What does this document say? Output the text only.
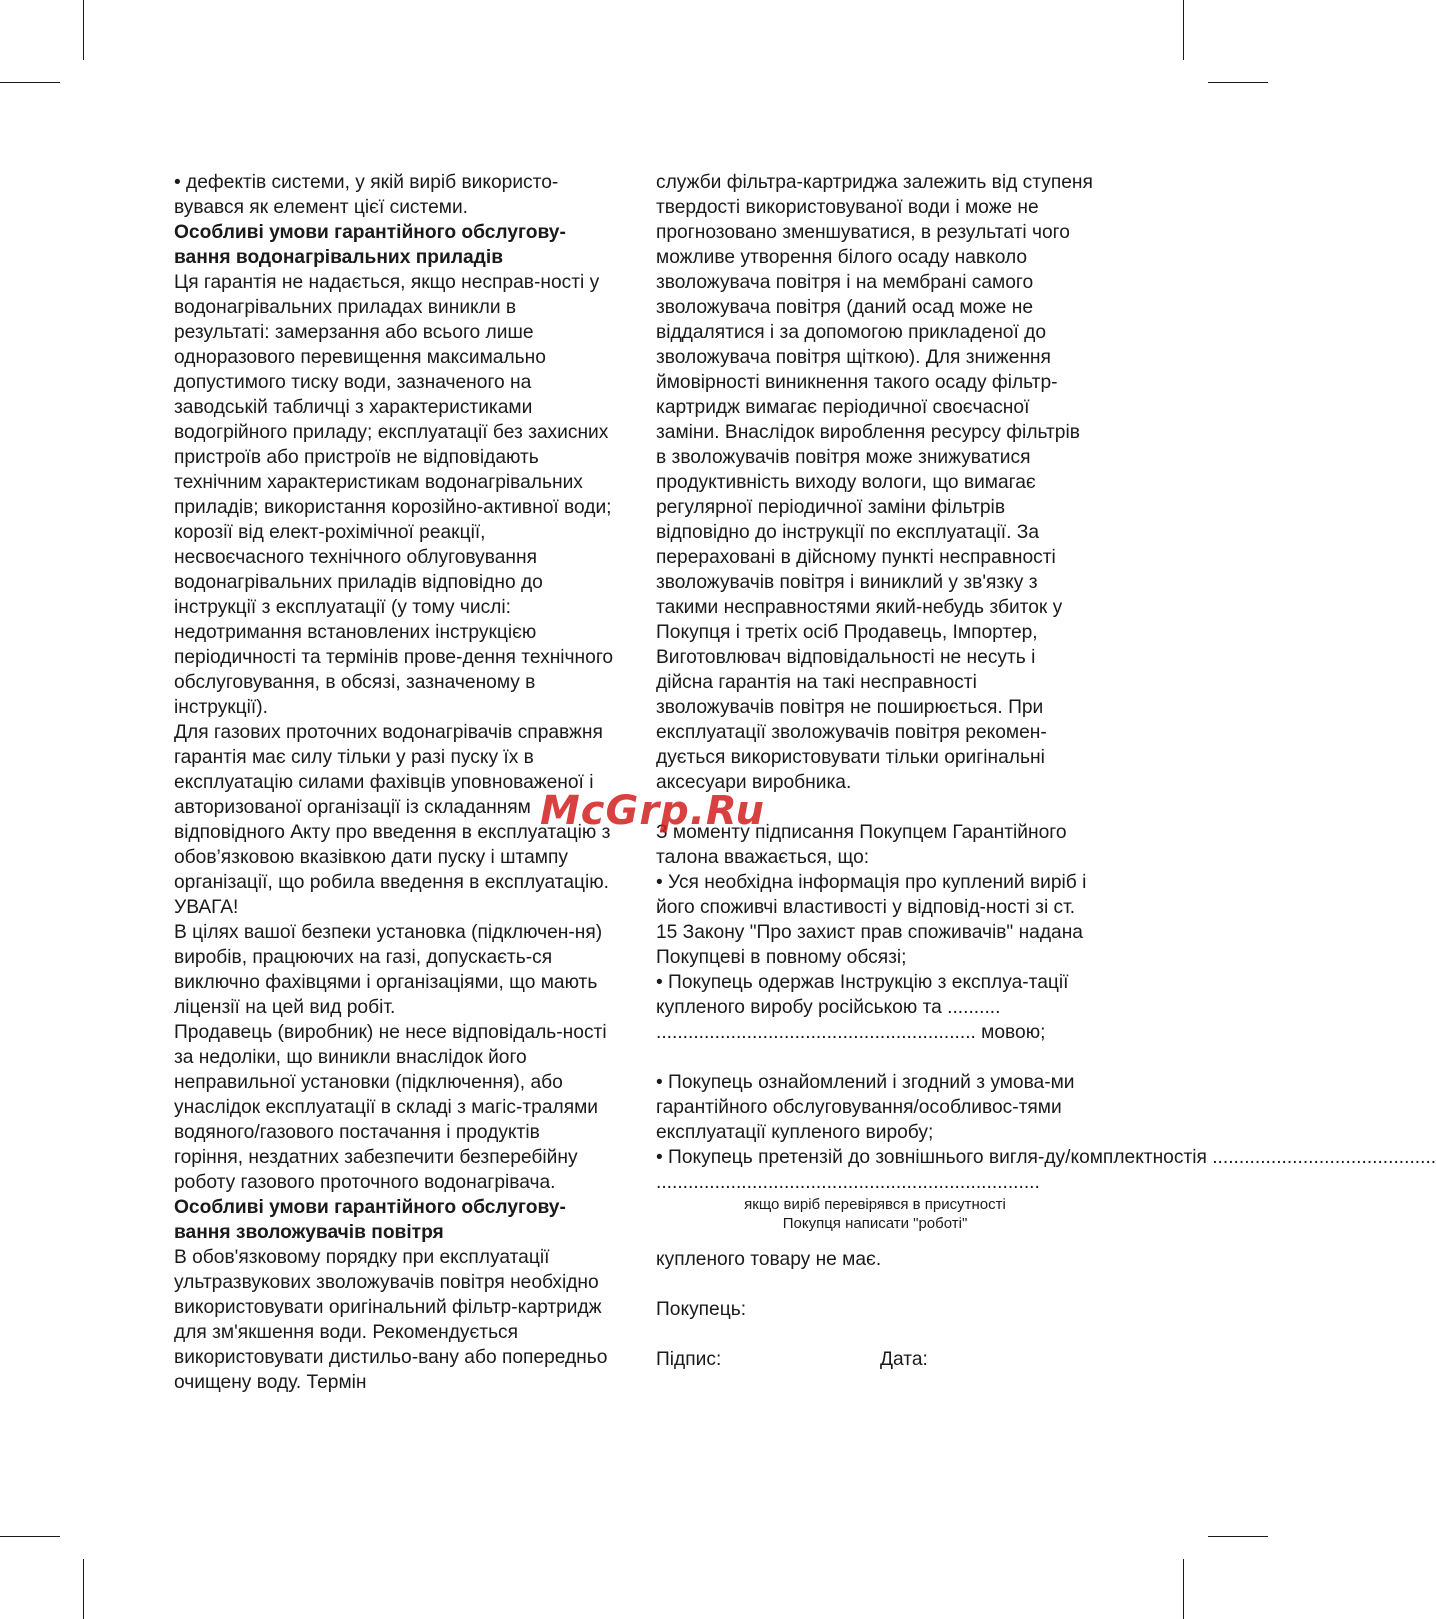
• дефектів системи, у якій виріб використо-вувався як елемент цієї системи.

Особливі умови гарантійного обслугову-вання водонагрівальних приладів

Ця гарантія не надається, якщо несправ-ності у водонагрівальних приладах виникли в результаті: замерзання або всього лише одноразового перевищення максимально допустимого тиску води, зазначеного на заводській табличці з характеристиками водогрійного приладу; експлуатації без захисних пристроїв або пристроїв не відповідають технічним характеристикам водонагрівальних приладів; використання корозійно-активної води; корозії від елект-рохімічної реакції, несвоєчасного технічного облуговування водонагрівальних приладів відповідно до інструкції з експлуатації (у тому числі: недотримання встановлених інструкцією періодичності та термінів прове-дення технічного обслуговування, в обсязі, зазначеному в інструкції).

Для газових проточних водонагрівачів справжня гарантія має силу тільки у разі пуску їх в експлуатацію силами фахівців уповноваженої і авторизованої організації із складанням відповідного Акту про введення в експлуатацію з обов’язковою вказівкою дати пуску і штампу організації, що робила введення в експлуатацію.

УВАГА!

В цілях вашої безпеки установка (підключен-ня) виробів, працюючих на газі, допускаєть-ся виключно фахівцями і організаціями, що мають ліцензії на цей вид робіт.

Продавець (виробник) не несе відповідаль-ності за недоліки, що виникли внаслідок його неправильної установки (підключення), або унаслідок експлуатації в складі з магіс-тралями водяного/газового постачання і продуктів горіння, нездатних забезпечити безперебійну роботу газового проточного водонагрівача.

Особливі умови гарантійного обслугову-вання зволожувачів повітря

В обов'язковому порядку при експлуатації ультразвукових зволожувачів повітря необхідно використовувати оригінальний фільтр-картридж для зм'якшення води. Рекомендується використовувати дистильо-вану або попередньо очищену воду. Термін

служби фільтра-картриджа залежить від ступеня твердості використовуваної води і може не прогнозовано зменшуватися, в результаті чого можливе утворення білого осаду навколо зволожувача повітря і на мембрані самого зволожувача повітря (даний осад може не віддалятися і за допомогою прикладеної до зволожувача повітря щіткою). Для зниження ймовірності виникнення такого осаду фільтр-картридж вимагає періодичної своєчасної заміни. Внаслідок вироблення ресурсу фільтрів в зволожувачів повітря може знижуватися продуктивність виходу вологи, що вимагає регулярної періодичної заміни фільтрів відповідно до інструкції по експлуатації. За перераховані в дійсному пункті несправності зволожувачів повітря і виниклий у зв'язку з такими несправностями який-небудь збиток у Покупця і третіх осіб Продавець, Імпортер, Виготовлювач відповідальності не несуть і дійсна гарантія на такі несправності зволожувачів повітря не поширюється. При експлуатації зволожувачів повітря рекомен-дується використовувати тільки оригінальні аксесуари виробника.

З моменту підписання Покупцем Гарантійного талона вважається, що:

• Уся необхідна інформація про куплений виріб і його споживчі властивості у відповід-ності зі ст. 15 Закону "Про захист прав споживачів" надана Покупцеві в повному обсязі;

• Покупець одержав Інструкцію з експлуа-тації купленого виробу російською та ..........

............................................................ мовою;

• Покупець ознайомлений і згодний з умова-ми гарантійного обслуговування/особливос-тями експлуатації купленого виробу;

• Покупець претензій до зовнішнього вигля-ду/комплектностія ..........................................

........................................................................

якщо виріб перевірявся в присутності

Покупця написати "роботі"

купленого товару не має.

Покупець:

Підпис:	Дата:
McGrp.Ru
